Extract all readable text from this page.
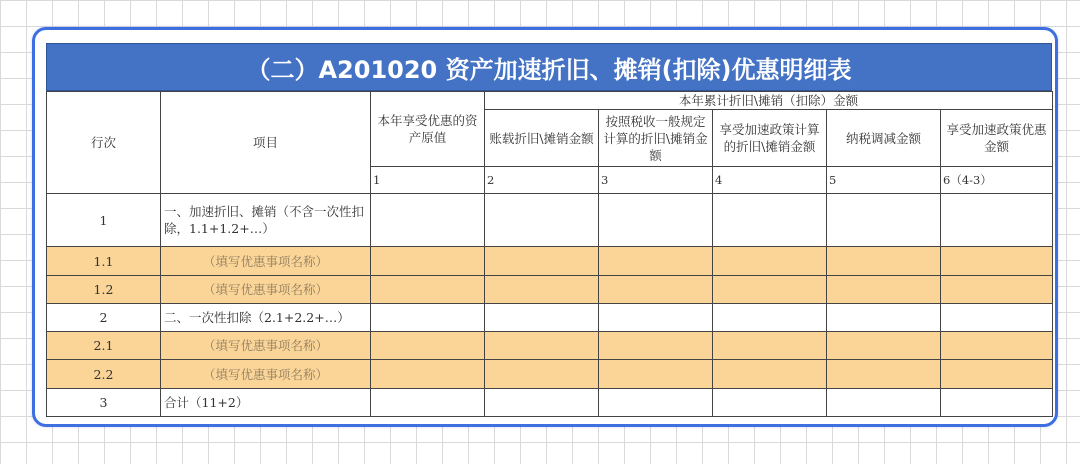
（二）A201020 资产加速折旧、摊销(扣除)优惠明细表
行次	项目	本年享受优惠的资产原值	本年累计折旧\摊销（扣除）金额				
			账载折旧\摊销金额	按照税收一般规定计算的折旧\摊销金额	享受加速政策计算的折旧\摊销金额	纳税调减金额	享受加速政策优惠金额
		1	2	3	4	5	6（4-3）
1	一、加速折旧、摊销（不含一次性扣除，1.1+1.2+…）						
1.1	（填写优惠事项名称）						
1.2	（填写优惠事项名称）						
2	二、一次性扣除（2.1+2.2+…）						
2.1	（填写优惠事项名称）						
2.2	（填写优惠事项名称）						
3	合计（11+2）						
